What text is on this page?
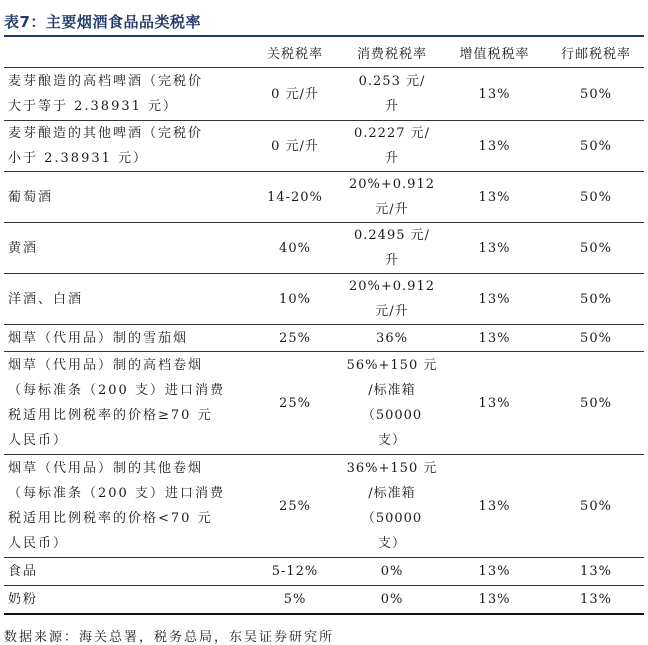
表7：主要烟酒食品品类税率
	关税税率	消费税税率	增值税税率	行邮税税率
麦芽酿造的高档啤酒（完税价
大于等于 2.38931 元）	0 元/升	0.253 元/
升	13%	50%
麦芽酿造的其他啤酒（完税价
小于 2.38931 元）	0 元/升	0.2227 元/
升	13%	50%
葡萄酒	14-20%	20%+0.912
元/升	13%	50%
黄酒	40%	0.2495 元/
升	13%	50%
洋酒、白酒	10%	20%+0.912
元/升	13%	50%
烟草（代用品）制的雪茄烟	25%	36%	13%	50%
烟草（代用品）制的高档卷烟
（每标准条（200 支）进口消费
税适用比例税率的价格≥70 元
人民币）	25%	56%+150 元
/标准箱
（50000
支）	13%	50%
烟草（代用品）制的其他卷烟
（每标准条（200 支）进口消费
税适用比例税率的价格<70 元
人民币）	25%	36%+150 元
/标准箱
（50000
支）	13%	50%
食品	5-12%	0%	13%	13%
奶粉	5%	0%	13%	13%
数据来源：海关总署，税务总局，东吴证券研究所
